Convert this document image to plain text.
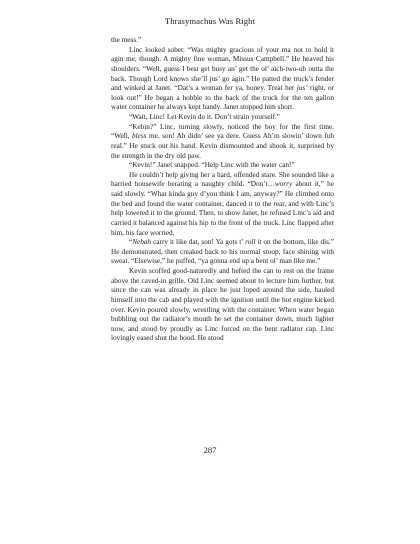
Thrasymachus Was Right

the mess.”

Linc looked sober. “Was mighty gracious of your ma not to hold it agin me, though. A mighty fine woman, Missus Campbell.” He heaved his shoulders. “Well, guess I best get busy an’ get the ol’ aich-two-oh outta the back. Though Lord knows she’ll jus’ go agin.” He patted the truck’s fender and winked at Janet. “Dat’s a woman fer ya, honey. Treat her jus’ right, or look out!” He began a hobble to the back of the truck for the ten gallon water container he always kept handy. Janet stopped him short.

“Wait, Linc! Let Kevin do it. Don’t strain yourself.”

“Kebin?” Linc, turning slowly, noticed the boy for the first time. “Well, bless me, son! Ah didn’ see ya dere. Guess Ah’m slowin’ down fuh real.” He stuck out his hand. Kevin dismounted and shook it, surprised by the strength in the dry old paw.

“Kevin!” Janet snapped. “Help Linc with the water can!”

He couldn’t help giving her a hard, offended stare. She sounded like a harried housewife berating a naughty child. “Don’t…worry about it,” he said slowly. “What kinda guy d’you think I am, anyway?” He climbed onto the bed and found the water container, danced it to the rear, and with Linc’s help lowered it to the ground. Then, to show Janet, he refused Linc’s aid and carried it balanced against his hip to the front of the truck. Linc flapped after him, his face worried.

“Nebah carry it like dat, son! Ya gots t’ roll it on the bottom, like dis.” He demonstrated, then creaked back to his normal stoop, face shining with sweat. “Elsewise,” he puffed, “ya gonna end up a bent ol’ man like me.”

Kevin scoffed good-naturedly and hefted the can to rest on the frame above the caved-in grille. Old Linc seemed about to lecture him further, but since the can was already in place he just loped around the side, hauled himself into the cab and played with the ignition until the hot engine kicked over. Kevin poured slowly, wrestling with the container. When water began bubbling out the radiator’s mouth he set the container down, much lighter now, and stood by proudly as Linc forced on the bent radiator cap. Linc lovingly eased shut the hood. He stood

287
